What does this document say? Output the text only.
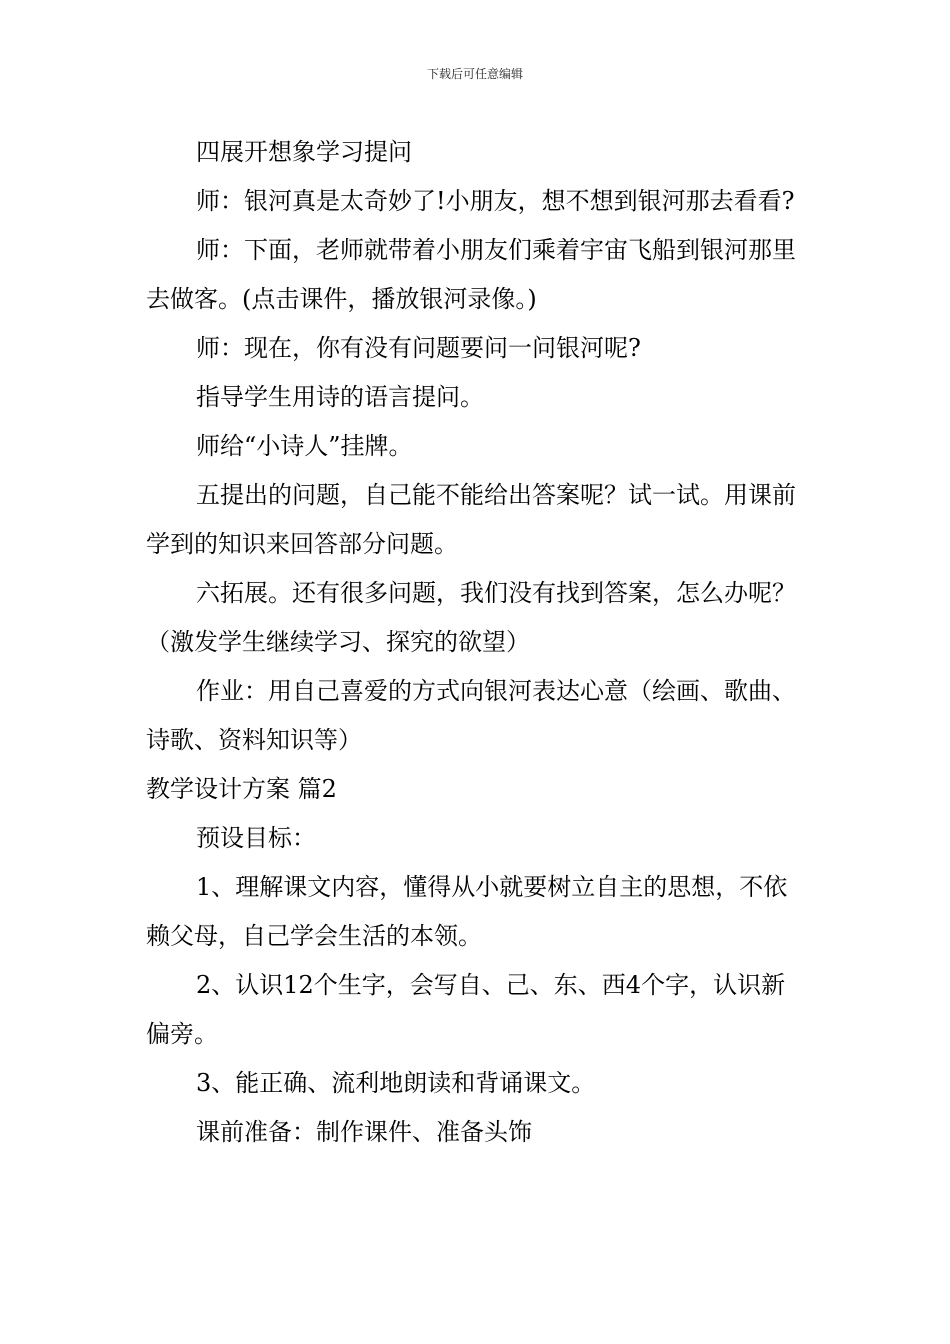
下载后可任意编辑

四展开想象学习提问

师：银河真是太奇妙了!小朋友，想不想到银河那去看看?

师：下面，老师就带着小朋友们乘着宇宙飞船到银河那里去做客。(点击课件，播放银河录像。)

师：现在，你有没有问题要问一问银河呢?

指导学生用诗的语言提问。

师给“小诗人”挂牌。

五提出的问题，自己能不能给出答案呢？试一试。用课前学到的知识来回答部分问题。

六拓展。还有很多问题，我们没有找到答案，怎么办呢？（激发学生继续学习、探究的欲望）

作业：用自己喜爱的方式向银河表达心意（绘画、歌曲、诗歌、资料知识等）

教学设计方案 篇2

预设目标：

1、理解课文内容，懂得从小就要树立自主的思想，不依赖父母，自己学会生活的本领。

2、认识12个生字，会写自、己、东、西4个字，认识新偏旁。

3、能正确、流利地朗读和背诵课文。

课前准备：制作课件、准备头饰
